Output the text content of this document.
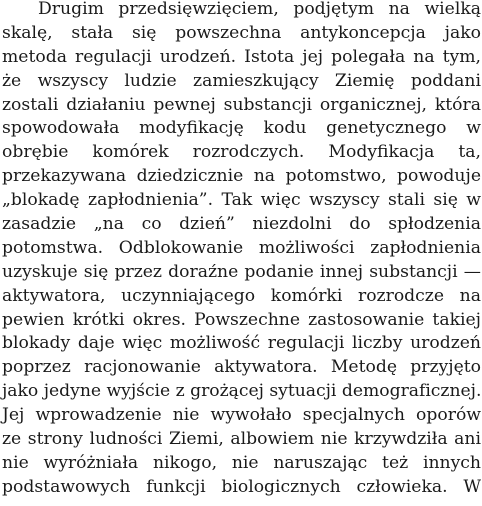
Drugim przedsięwzięciem, podjętym na wielką
skalę, stała się powszechna antykoncepcja jako
metoda regulacji urodzeń. Istota jej polegała na tym,
że wszyscy ludzie zamieszkujący Ziemię poddani
zostali działaniu pewnej substancji organicznej, która
spowodowała modyfikację kodu genetycznego w
obrębie komórek rozrodczych. Modyfikacja ta,
przekazywana dziedzicznie na potomstwo, powoduje
„blokadę zapłodnienia”. Tak więc wszyscy stali się w
zasadzie „na co dzień” niezdolni do spłodzenia
potomstwa. Odblokowanie możliwości zapłodnienia
uzyskuje się przez doraźne podanie innej substancji —
aktywatora, uczynniającego komórki rozrodcze na
pewien krótki okres. Powszechne zastosowanie takiej
blokady daje więc możliwość regulacji liczby urodzeń
poprzez racjonowanie aktywatora. Metodę przyjęto
jako jedyne wyjście z grożącej sytuacji demograficznej.
Jej wprowadzenie nie wywołało specjalnych oporów
ze strony ludności Ziemi, albowiem nie krzywdziła ani
nie wyróżniała nikogo, nie naruszając też innych
podstawowych funkcji biologicznych człowieka. W
